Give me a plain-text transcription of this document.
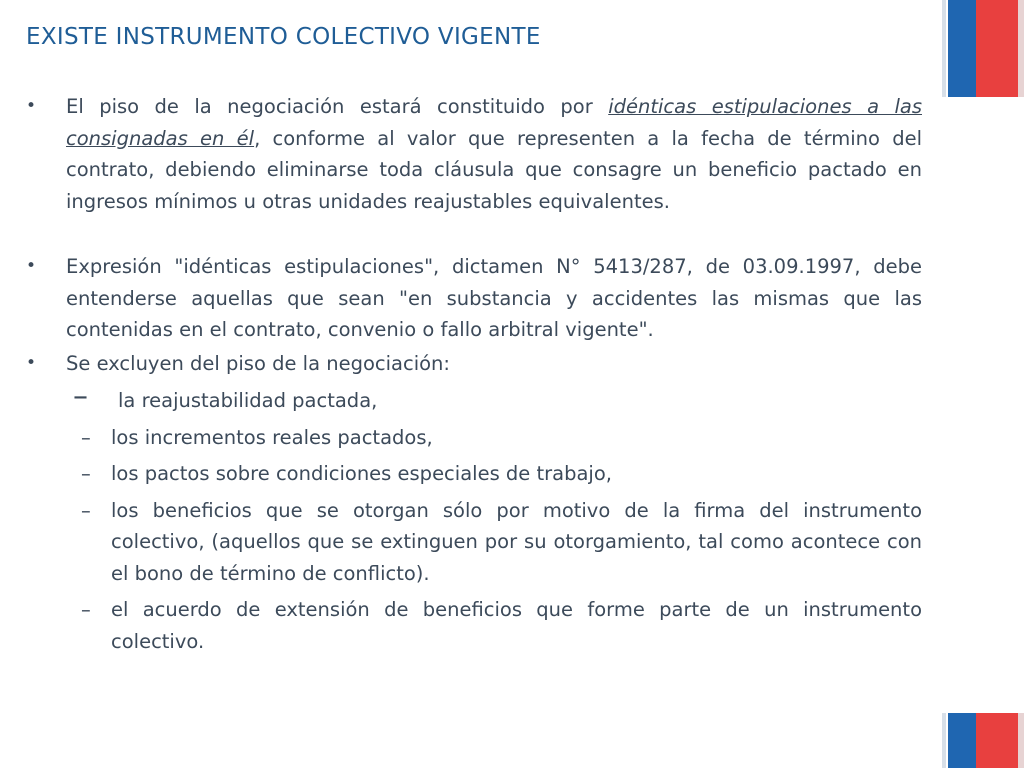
EXISTE INSTRUMENTO COLECTIVO VIGENTE
•	El piso de la negociación estará constituido por idénticas estipulaciones a las consignadas en él, conforme al valor que representen a la fecha de término del contrato, debiendo eliminarse toda cláusula que consagre un beneficio pactado en ingresos mínimos u otras unidades reajustables equivalentes.
•	Expresión "idénticas estipulaciones", dictamen N° 5413/287, de 03.09.1997, debe entenderse aquellas que sean "en substancia y accidentes las mismas que las contenidas en el contrato, convenio o fallo arbitral vigente".
•	Se excluyen del piso de la negociación:
– la reajustabilidad pactada,
– los incrementos reales pactados,
– los pactos sobre condiciones especiales de trabajo,
– los beneficios que se otorgan sólo por motivo de la firma del instrumento colectivo, (aquellos que se extinguen por su otorgamiento, tal como acontece con el bono de término de conflicto).
– el acuerdo de extensión de beneficios que forme parte de un instrumento colectivo.
